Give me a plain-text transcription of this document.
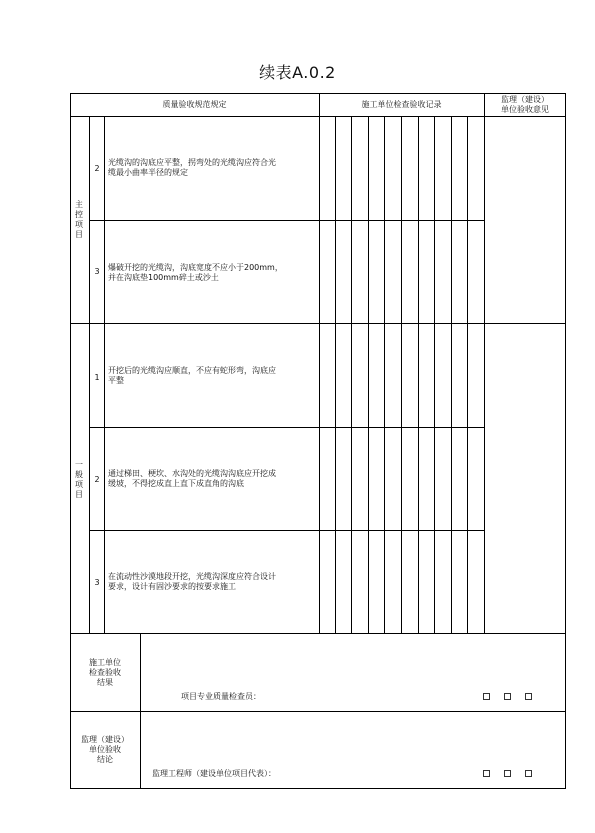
续表A.0.2
质量验收规范规定	施工单位检查验收记录
监理（建设）
单位验收意见
主控项目
2
光缆沟的沟底应平整，拐弯处的光缆沟应符合光
缆最小曲率半径的规定
3	爆破开挖的光缆沟，沟底宽度不应小于200mm，
并在沟底垫100mm碎土或沙土
一般项目
1
开挖后的光缆沟应顺直，不应有蛇形弯，沟底应
平整
2
通过梯田、梗坎、水沟处的光缆沟沟底应开挖成
缓坡，不得挖成直上直下成直角的沟底
3
在流动性沙漠地段开挖，光缆沟深度应符合设计
要求，设计有固沙要求的按要求施工
施工单位
检查验收
结果
项目专业质量检查员：
监理（建设）
单位验收
结论
监理工程师（建设单位项目代表）：
